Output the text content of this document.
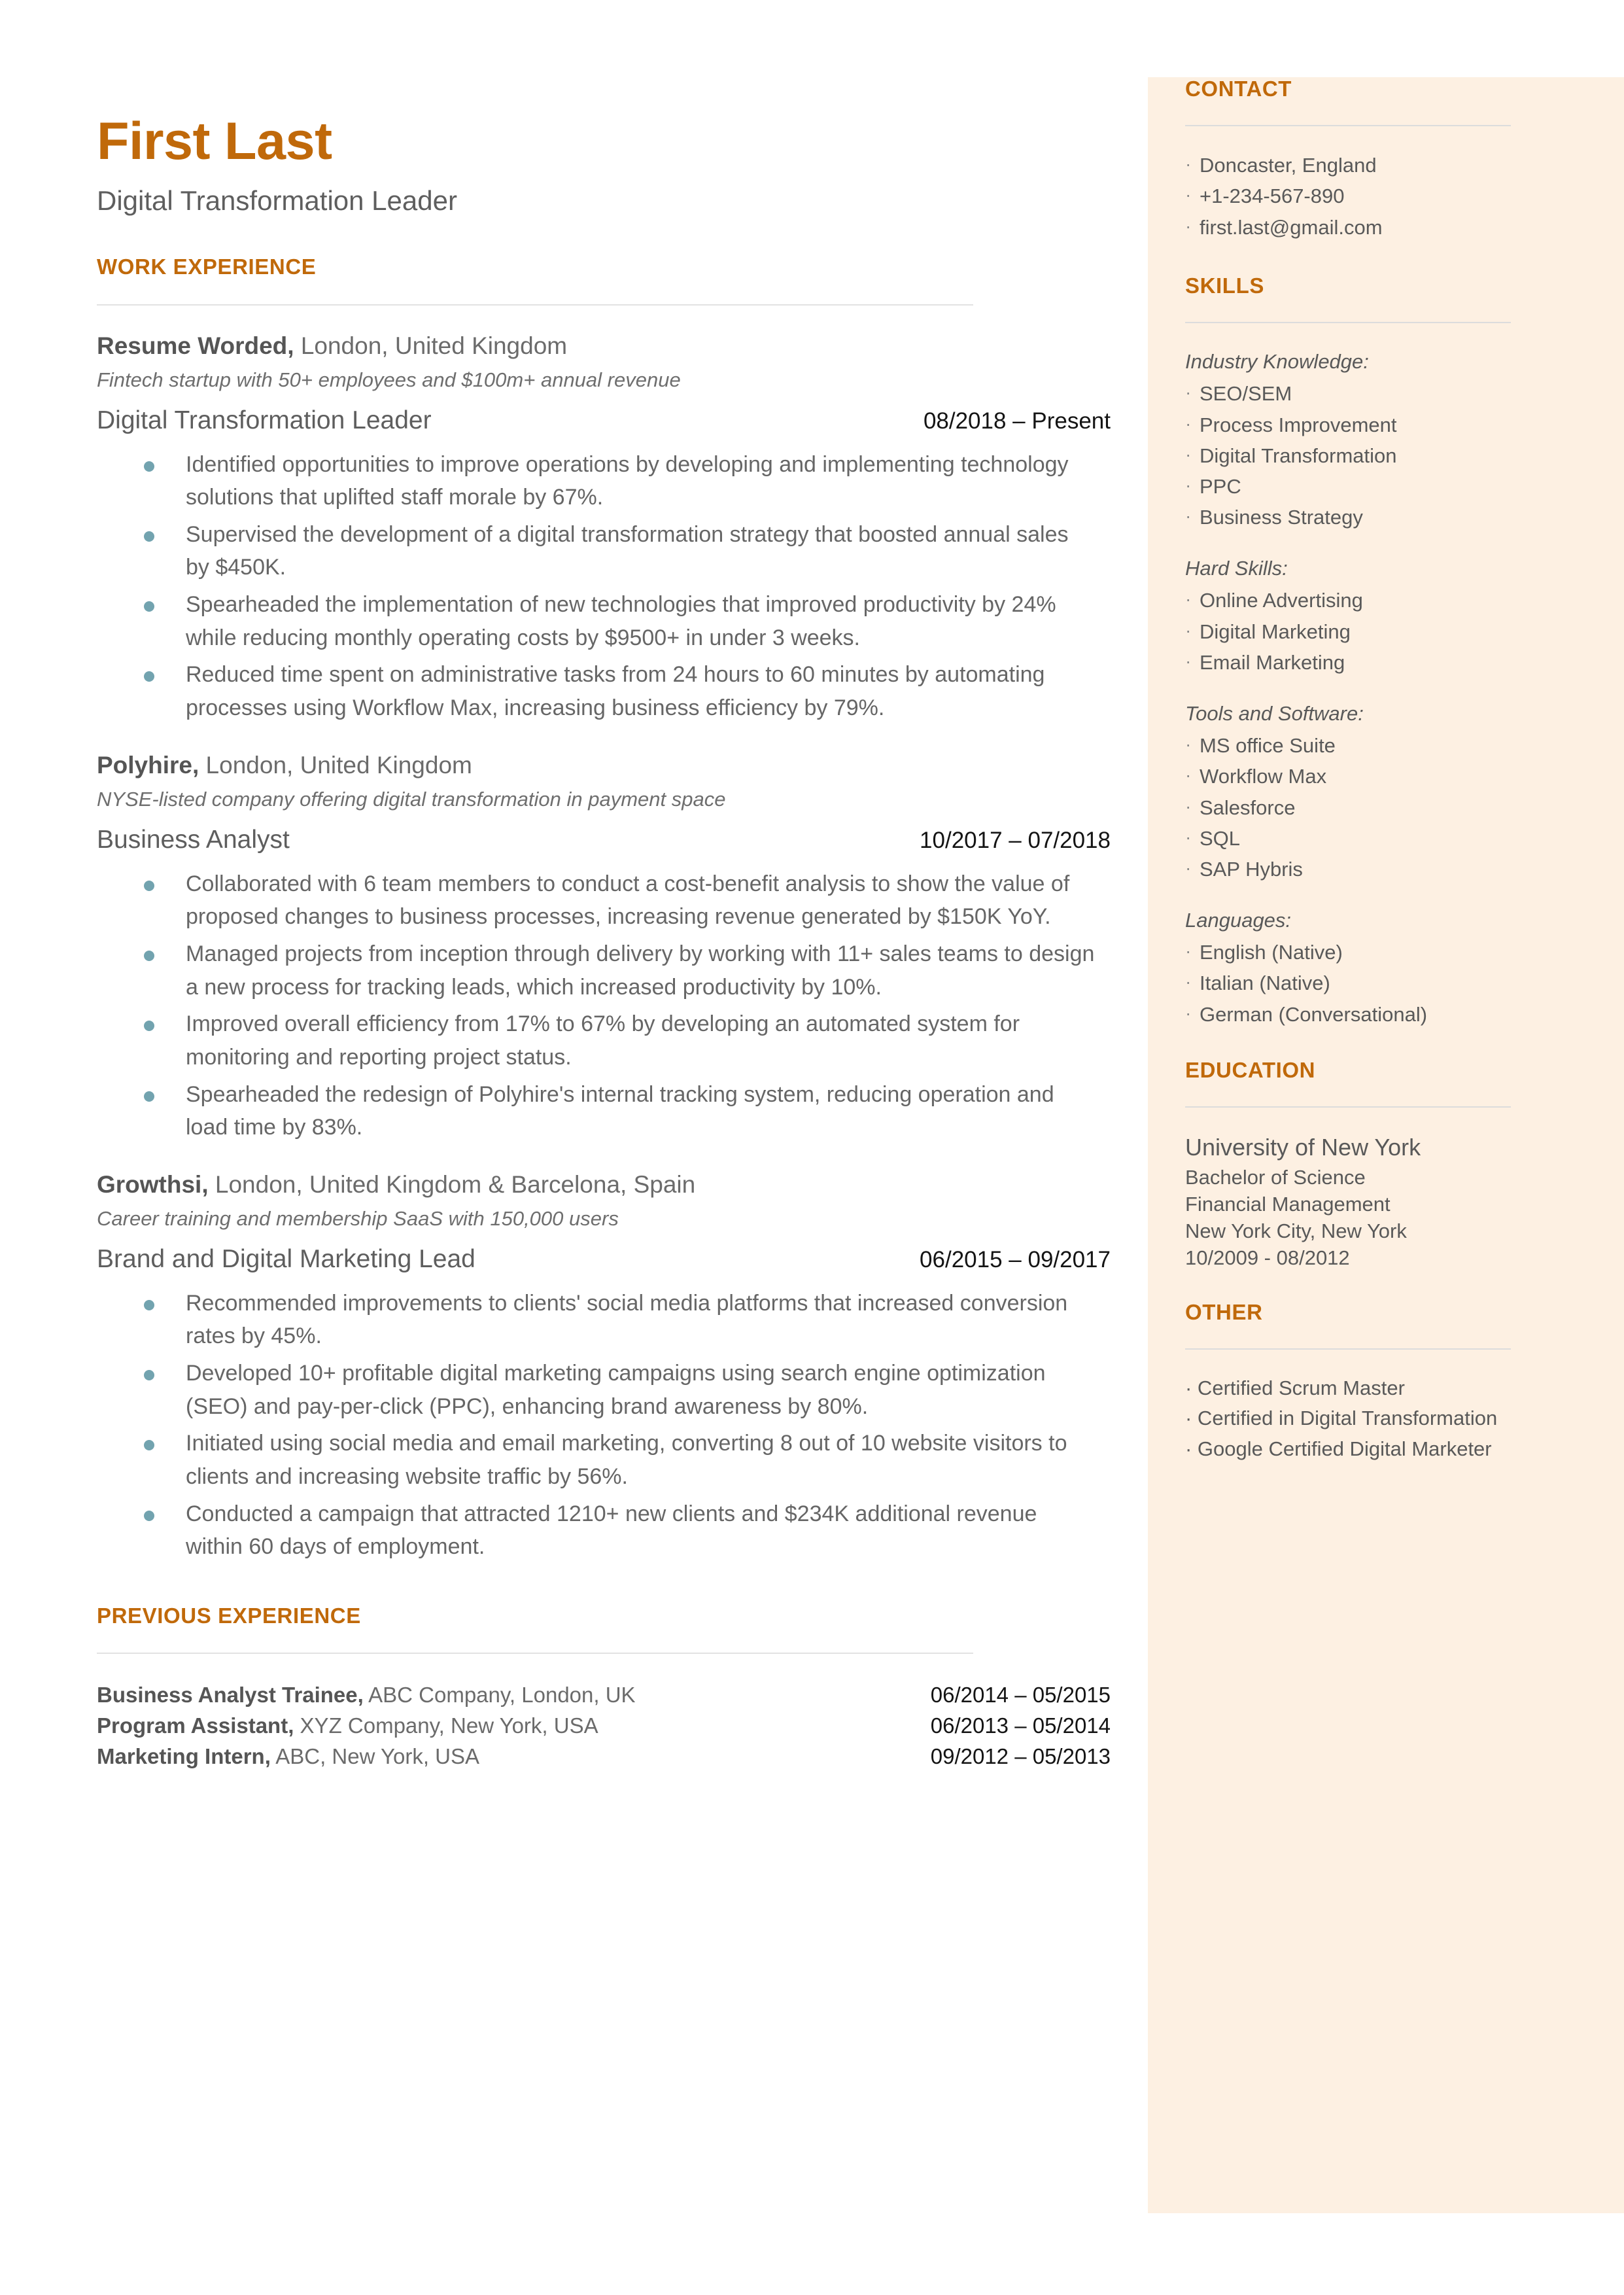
CONTACT
· Doncaster, England
· +1-234-567-890
· first.last@gmail.com
SKILLS
Industry Knowledge:
· SEO/SEM
· Process Improvement
· Digital Transformation
· PPC
· Business Strategy
Hard Skills:
· Online Advertising
· Digital Marketing
· Email Marketing
Tools and Software:
· MS office Suite
· Workflow Max
· Salesforce
· SQL
· SAP Hybris
Languages:
· English (Native)
· Italian (Native)
· German (Conversational)
EDUCATION
University of New York
Bachelor of Science
Financial Management
New York City, New York
10/2009 - 08/2012
OTHER
· Certified Scrum Master
· Certified in Digital Transformation
· Google Certified Digital Marketer
First Last
Digital Transformation Leader
WORK EXPERIENCE
Resume Worded, London, United Kingdom
Fintech startup with 50+ employees and $100m+ annual revenue
Digital Transformation Leader	08/2018 – Present
Identified opportunities to improve operations by developing and implementing technology solutions that uplifted staff morale by 67%.
Supervised the development of a digital transformation strategy that boosted annual sales by $450K.
Spearheaded the implementation of new technologies that improved productivity by 24% while reducing monthly operating costs by $9500+ in under 3 weeks.
Reduced time spent on administrative tasks from 24 hours to 60 minutes by automating processes using Workflow Max, increasing business efficiency by 79%.
Polyhire, London, United Kingdom
NYSE-listed company offering digital transformation in payment space
Business Analyst	10/2017 – 07/2018
Collaborated with 6 team members to conduct a cost-benefit analysis to show the value of proposed changes to business processes, increasing revenue generated by $150K YoY.
Managed projects from inception through delivery by working with 11+ sales teams to design a new process for tracking leads, which increased productivity by 10%.
Improved overall efficiency from 17% to 67% by developing an automated system for monitoring and reporting project status.
Spearheaded the redesign of Polyhire's internal tracking system, reducing operation and load time by 83%.
Growthsi, London, United Kingdom & Barcelona, Spain
Career training and membership SaaS with 150,000 users
Brand and Digital Marketing Lead	06/2015 – 09/2017
Recommended improvements to clients' social media platforms that increased conversion rates by 45%.
Developed 10+ profitable digital marketing campaigns using search engine optimization (SEO) and pay-per-click (PPC), enhancing brand awareness by 80%.
Initiated using social media and email marketing, converting 8 out of 10 website visitors to clients and increasing website traffic by 56%.
Conducted a campaign that attracted 1210+ new clients and $234K additional revenue within 60 days of employment.
PREVIOUS EXPERIENCE
Business Analyst Trainee, ABC Company, London, UK	06/2014 – 05/2015
Program Assistant, XYZ Company, New York, USA	06/2013 – 05/2014
Marketing Intern, ABC, New York, USA	09/2012 – 05/2013
